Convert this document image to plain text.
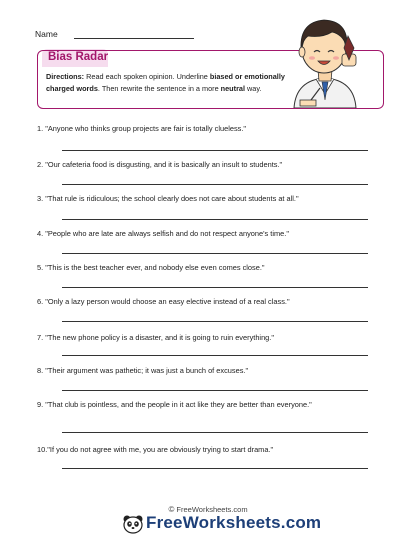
Name
Bias Radar
Directions: Read each spoken opinion. Underline biased or emotionally charged words. Then rewrite the sentence in a more neutral way.
1. "Anyone who thinks group projects are fair is totally clueless."
2. "Our cafeteria food is disgusting, and it is basically an insult to students."
3. "That rule is ridiculous; the school clearly does not care about students at all."
4. "People who are late are always selfish and do not respect anyone's time."
5. "This is the best teacher ever, and nobody else even comes close."
6. "Only a lazy person would choose an easy elective instead of a real class."
7. "The new phone policy is a disaster, and it is going to ruin everything."
8. "Their argument was pathetic; it was just a bunch of excuses."
9. "That club is pointless, and the people in it act like they are better than everyone."
10."If you do not agree with me, you are obviously trying to start drama."
© FreeWorksheets.com
FreeWorksheets.com
